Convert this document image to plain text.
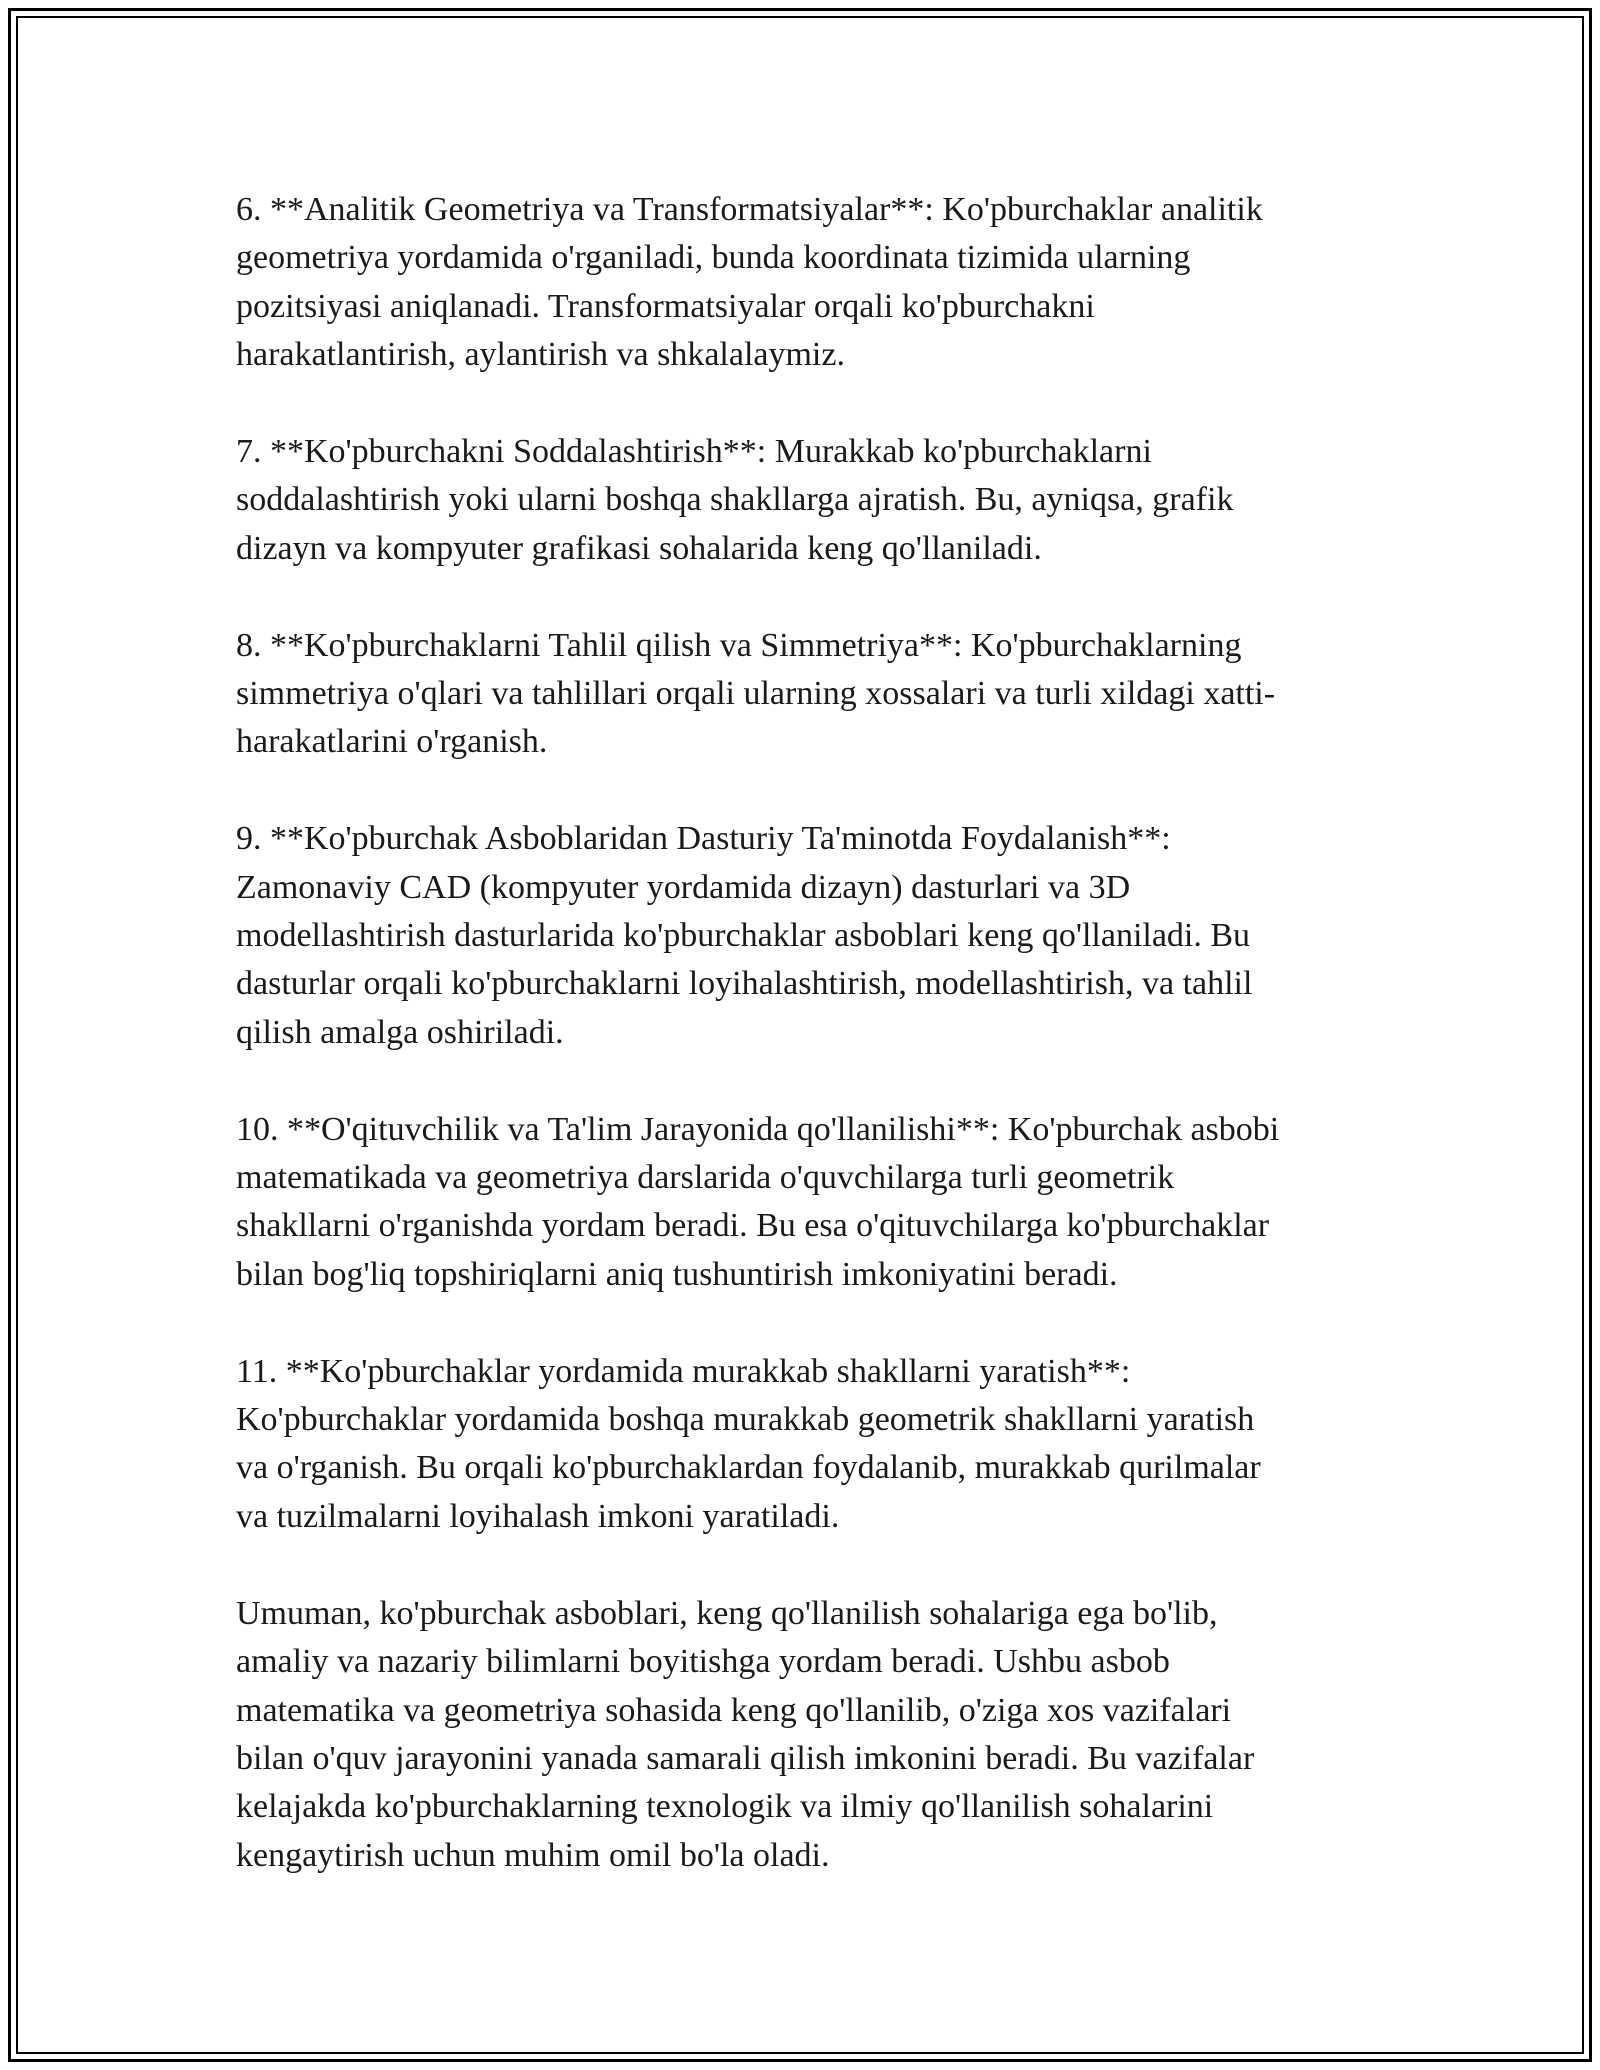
6. **Analitik Geometriya va Transformatsiyalar**: Ko'pburchaklar analitik
geometriya yordamida o'rganiladi, bunda koordinata tizimida ularning
pozitsiyasi aniqlanadi. Transformatsiyalar orqali ko'pburchakni
harakatlantirish, aylantirish va shkalalaymiz.

7. **Ko'pburchakni Soddalashtirish**: Murakkab ko'pburchaklarni
soddalashtirish yoki ularni boshqa shakllarga ajratish. Bu, ayniqsa, grafik
dizayn va kompyuter grafikasi sohalarida keng qo'llaniladi.

8. **Ko'pburchaklarni Tahlil qilish va Simmetriya**: Ko'pburchaklarning
simmetriya o'qlari va tahlillari orqali ularning xossalari va turli xildagi xatti-
harakatlarini o'rganish.

9. **Ko'pburchak Asboblaridan Dasturiy Ta'minotda Foydalanish**:
Zamonaviy CAD (kompyuter yordamida dizayn) dasturlari va 3D
modellashtirish dasturlarida ko'pburchaklar asboblari keng qo'llaniladi. Bu
dasturlar orqali ko'pburchaklarni loyihalashtirish, modellashtirish, va tahlil
qilish amalga oshiriladi.

10. **O'qituvchilik va Ta'lim Jarayonida qo'llanilishi**: Ko'pburchak asbobi
matematikada va geometriya darslarida o'quvchilarga turli geometrik
shakllarni o'rganishda yordam beradi. Bu esa o'qituvchilarga ko'pburchaklar
bilan bog'liq topshiriqlarni aniq tushuntirish imkoniyatini beradi.

11. **Ko'pburchaklar yordamida murakkab shakllarni yaratish**:
Ko'pburchaklar yordamida boshqa murakkab geometrik shakllarni yaratish
va o'rganish. Bu orqali ko'pburchaklardan foydalanib, murakkab qurilmalar
va tuzilmalarni loyihalash imkoni yaratiladi.

Umuman, ko'pburchak asboblari, keng qo'llanilish sohalariga ega bo'lib,
amaliy va nazariy bilimlarni boyitishga yordam beradi. Ushbu asbob
matematika va geometriya sohasida keng qo'llanilib, o'ziga xos vazifalari
bilan o'quv jarayonini yanada samarali qilish imkonini beradi. Bu vazifalar
kelajakda ko'pburchaklarning texnologik va ilmiy qo'llanilish sohalarini
kengaytirish uchun muhim omil bo'la oladi.
